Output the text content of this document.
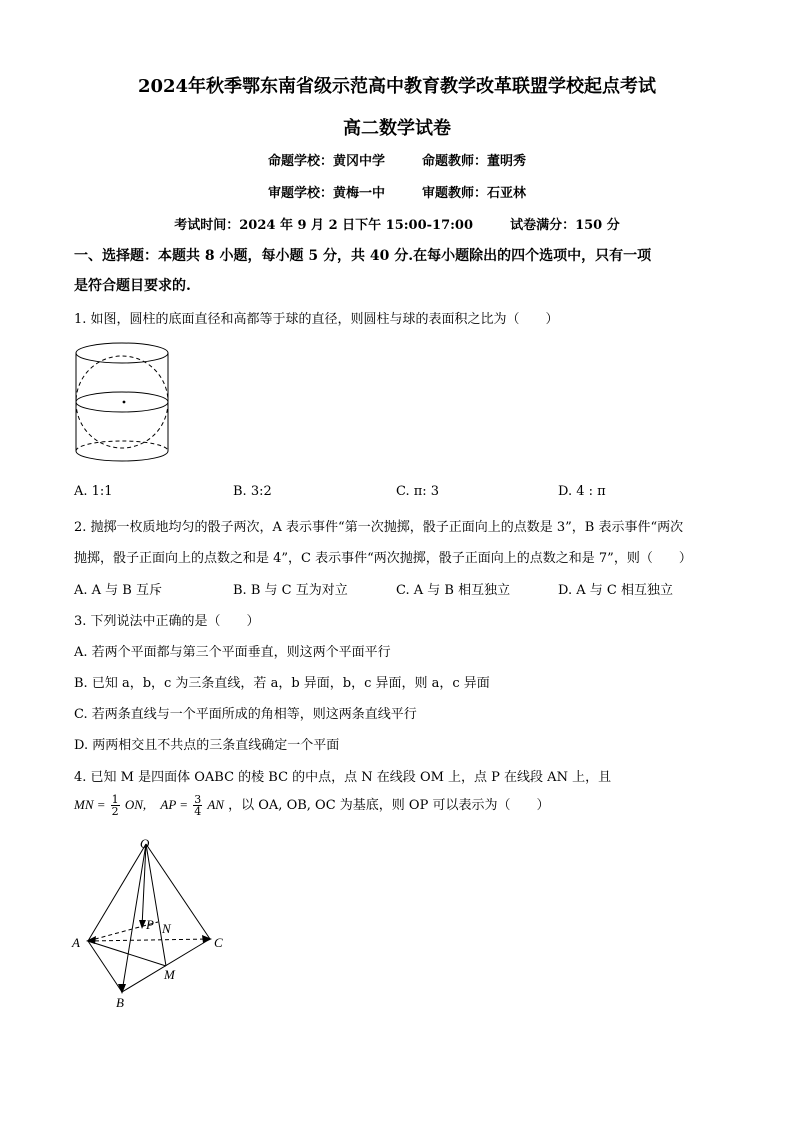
2024年秋季鄂东南省级示范高中教育教学改革联盟学校起点考试
高二数学试卷
命题学校：黄冈中学	命题教师：董明秀
审题学校：黄梅一中	审题教师：石亚林
考试时间：2024 年 9 月 2 日下午 15:00-17:00	试卷满分：150 分
一、选择题：本题共 8 小题，每小题 5 分，共 40 分.在每小题除出的四个选项中，只有一项
是符合题目要求的.
1. 如图，圆柱的底面直径和高都等于球的直径，则圆柱与球的表面积之比为（　　）
A. 1:1	B. 3:2	C. π: 3	D. 4 : π
2. 抛掷一枚质地均匀的骰子两次，A 表示事件“第一次抛掷，骰子正面向上的点数是 3”，B 表示事件“两次
抛掷，骰子正面向上的点数之和是 4”，C 表示事件“两次抛掷，骰子正面向上的点数之和是 7”，则（　　）
A. A 与 B 互斥	B. B 与 C 互为对立	C. A 与 B 相互独立	D. A 与 C 相互独立
3. 下列说法中正确的是（　　）
A. 若两个平面都与第三个平面垂直，则这两个平面平行
B. 已知 a，b，c 为三条直线，若 a，b 异面，b，c 异面，则 a，c 异面
C. 若两条直线与一个平面所成的角相等，则这两条直线平行
D. 两两相交且不共点的三条直线确定一个平面
4. 已知 M 是四面体 OABC 的棱 BC 的中点，点 N 在线段 OM 上，点 P 在线段 AN 上，且
MN = $\frac{1}{2}$ ON, AP = $\frac{3}{4}$ AN ，以 OA, OB, OC 为基底，则 OP 可以表示为（　　）
O
A
B
C
P N
M
